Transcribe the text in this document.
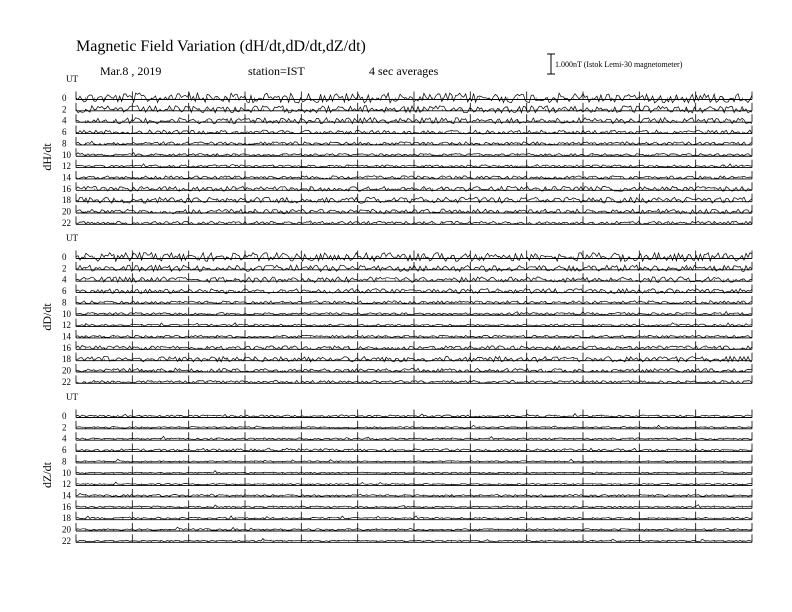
Magnetic Field Variation (dH/dt,dD/dt,dZ/dt)
Mar.8 , 2019	station=IST	4 sec averages	1.000nT (Istok Lemi-30 magnetometer)
UT
dH/dt
0
2
4
6
8
10
12
14
16
18
20
22
UT
dD/dt
0
2
4
6
8
10
12
14
16
18
20
22
UT
dZ/dt
0
2
4
6
8
10
12
14
16
18
20
22
